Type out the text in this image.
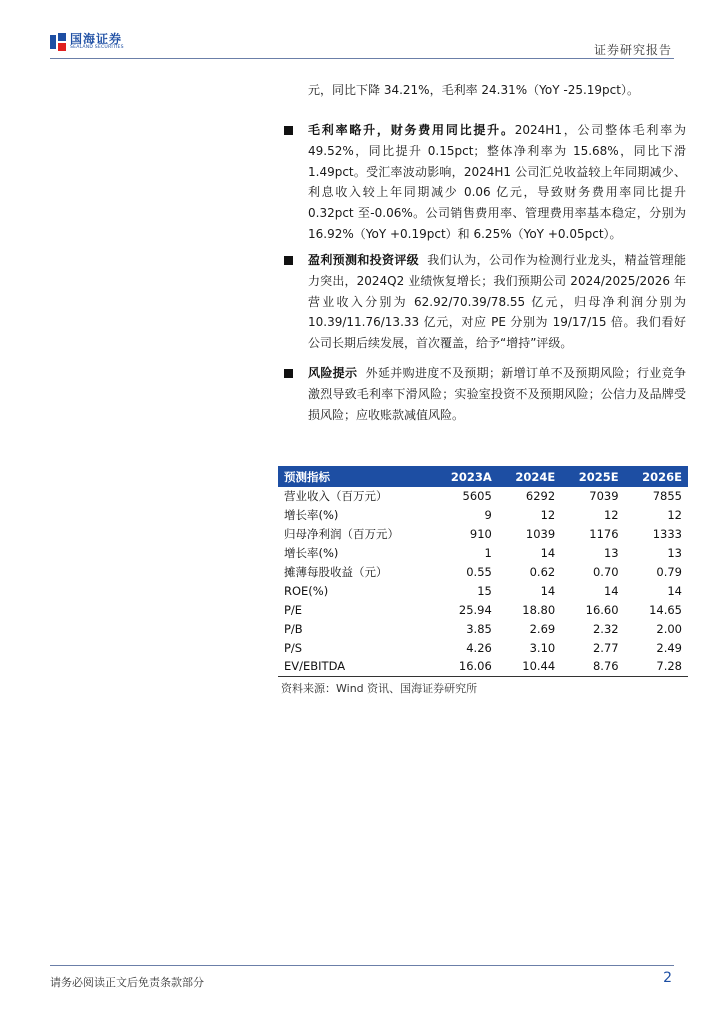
国海证券
SEALAND SECURITIES	证券研究报告
元，同比下降 34.21%，毛利率 24.31%（YoY -25.19pct）。
毛利率略升，财务费用同比提升。2024H1，公司整体毛利率为 49.52%，同比提升 0.15pct；整体净利率为 15.68%，同比下滑 1.49pct。受汇率波动影响，2024H1 公司汇兑收益较上年同期减少、利息收入较上年同期减少 0.06 亿元，导致财务费用率同比提升 0.32pct 至-0.06%。公司销售费用率、管理费用率基本稳定，分别为 16.92%（YoY +0.19pct）和 6.25%（YoY +0.05pct）。
盈利预测和投资评级 我们认为，公司作为检测行业龙头，精益管理能力突出，2024Q2 业绩恢复增长；我们预期公司 2024/2025/2026 年营业收入分别为 62.92/70.39/78.55 亿元，归母净利润分别为 10.39/11.76/13.33 亿元，对应 PE 分别为 19/17/15 倍。我们看好公司长期后续发展，首次覆盖，给予“增持”评级。
风险提示 外延并购进度不及预期；新增订单不及预期风险；行业竞争激烈导致毛利率下滑风险；实验室投资不及预期风险；公信力及品牌受损风险；应收账款减值风险。
预测指标	2023A	2024E	2025E	2026E
营业收入（百万元）	5605	6292	7039	7855
增长率(%)	9	12	12	12
归母净利润（百万元）	910	1039	1176	1333
增长率(%)	1	14	13	13
摊薄每股收益（元）	0.55	0.62	0.70	0.79
ROE(%)	15	14	14	14
P/E	25.94	18.80	16.60	14.65
P/B	3.85	2.69	2.32	2.00
P/S	4.26	3.10	2.77	2.49
EV/EBITDA	16.06	10.44	8.76	7.28
资料来源：Wind 资讯、国海证券研究所
请务必阅读正文后免责条款部分	2
